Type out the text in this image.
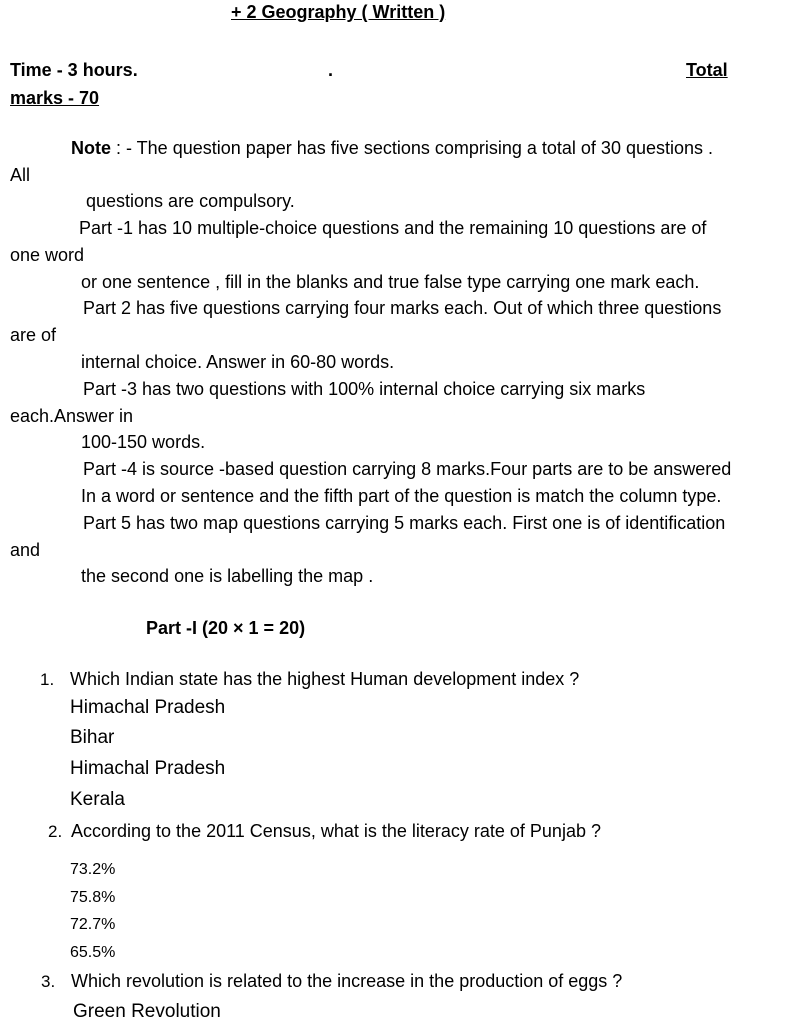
+ 2 Geography ( Written )
Time - 3 hours.	.	Total
marks - 70
Note : - The question paper has five sections comprising a total of 30 questions .
All
questions are compulsory.
Part -1 has 10 multiple-choice questions and the remaining 10 questions are of
one word
or one sentence , fill in the blanks and true false type carrying one mark each.
Part 2 has five questions carrying four marks each. Out of which three questions
are of
internal choice. Answer in 60-80 words.
Part -3 has two questions with 100% internal choice carrying six marks
each.Answer in
100-150 words.
Part -4 is source -based question carrying 8 marks.Four parts are to be answered
In a word or sentence and the fifth part of the question is match the column type.
Part 5 has two map questions carrying 5 marks each. First one is of identification
and
the second one is labelling the map .
Part -I (20 × 1 = 20)
1. Which Indian state has the highest Human development index ?
Himachal Pradesh
Bihar
Himachal Pradesh
Kerala
2. According to the 2011 Census, what is the literacy rate of Punjab ?
73.2%
75.8%
72.7%
65.5%
3. Which revolution is related to the increase in the production of eggs ?
Green Revolution
